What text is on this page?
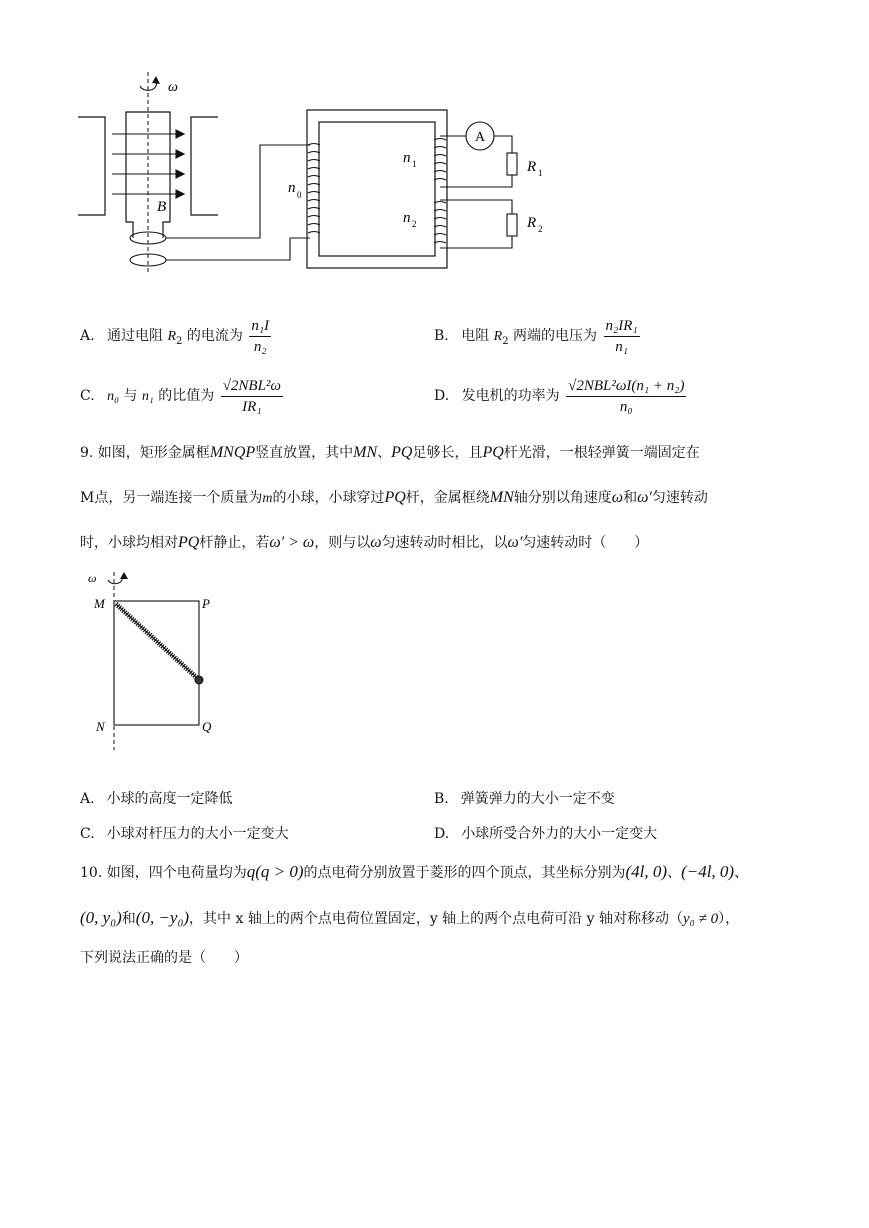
ω
B
n 0
n 1
n 2
A
R 1
R 2
A. 通过电阻 $R_2$ 的电流为 $\frac{\text{n₁I}}{\text{n₂}}$	B. 电阻 $R_2$ 两端的电压为 $\frac{\text{n₂IR₁}}{\text{n₁}}$
C. n₀ 与 n₁ 的比值为 $\frac{\text{√2NBL²ω}}{\text{IR₁}}$	D. 发电机的功率为 $\frac{\text{√2NBL²ωI(n₁ + n₂)}}{\text{n₀}}$
9. 如图，矩形金属框MNQP竖直放置，其中MN、PQ足够长，且PQ杆光滑，一根轻弹簧一端固定在
M点，另一端连接一个质量为m的小球，小球穿过PQ杆，金属框绕MN轴分别以角速度ω和ω′匀速转动
时，小球均相对PQ杆静止，若ω′ > ω，则与以ω匀速转动时相比，以ω′匀速转动时（　　）
ω
M	P
N	Q
A. 小球的高度一定降低	B. 弹簧弹力的大小一定不变
C. 小球对杆压力的大小一定变大	D. 小球所受合外力的大小一定变大
10. 如图，四个电荷量均为q(q > 0)的点电荷分别放置于菱形的四个顶点，其坐标分别为(4l, 0)、(−4l, 0)、
(0, y₀)和(0, −y₀)，其中 x 轴上的两个点电荷位置固定，y 轴上的两个点电荷可沿 y 轴对称移动（y₀ ≠ 0），
下列说法正确的是（　　）
